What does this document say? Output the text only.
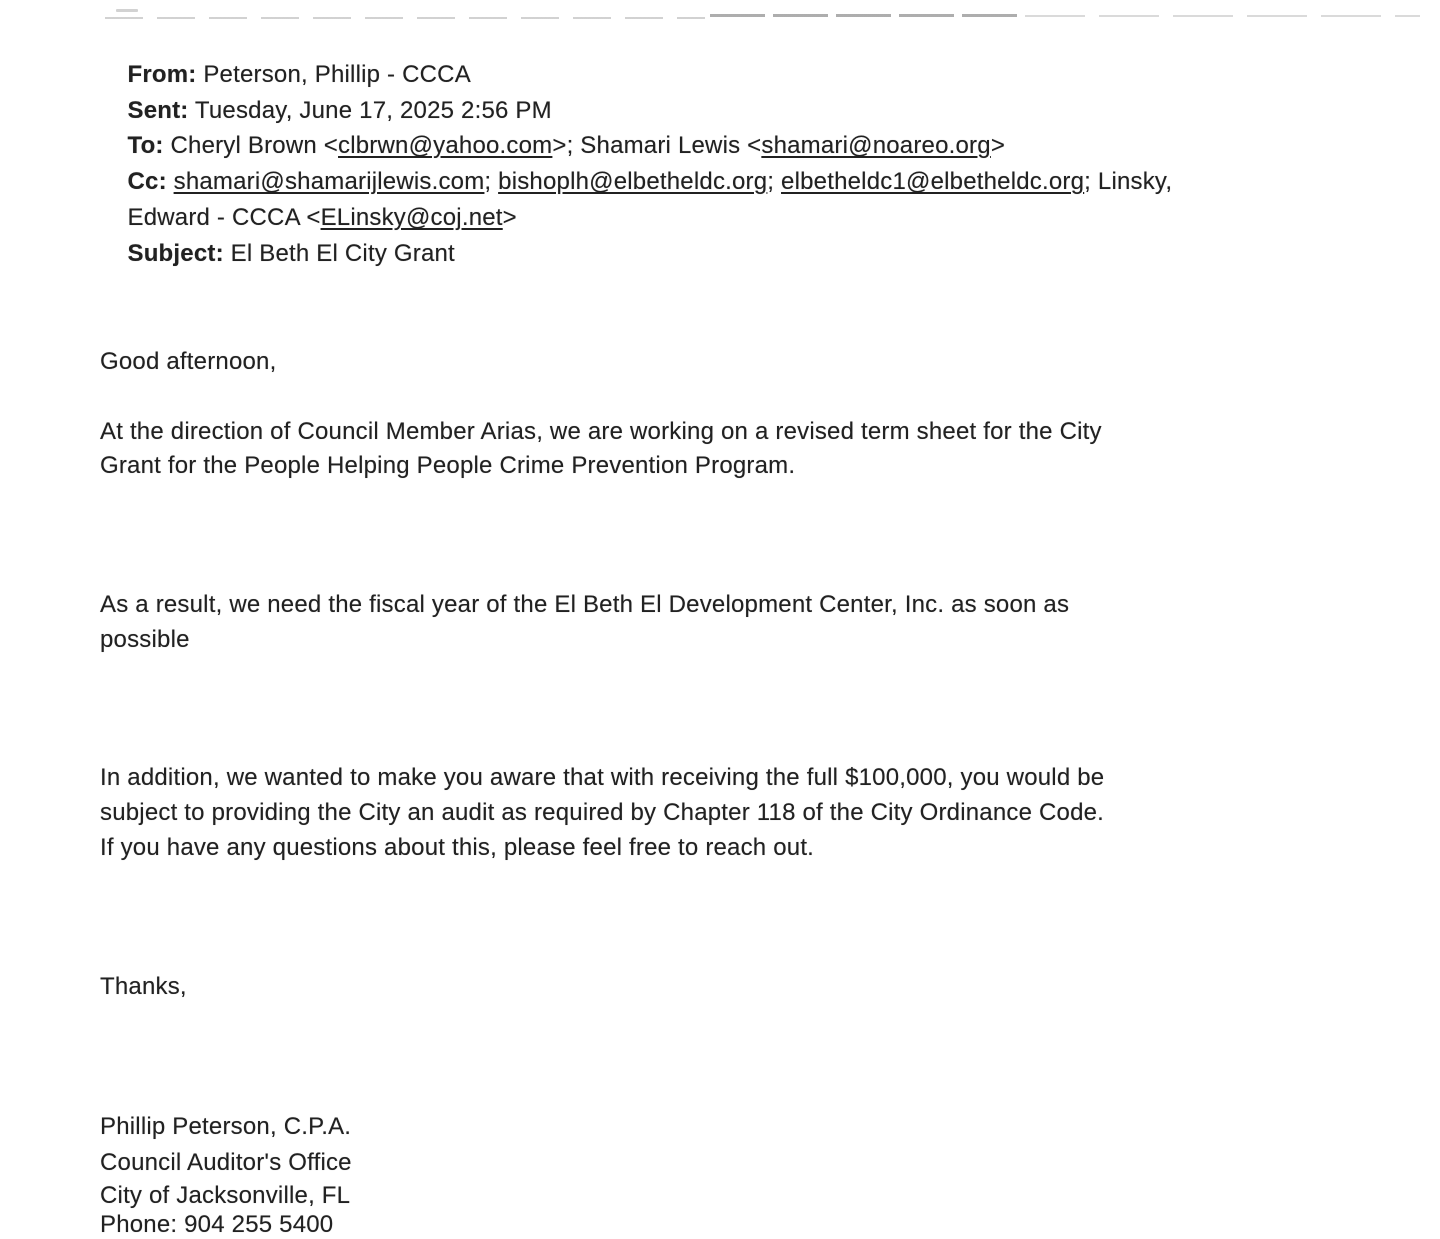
From: Peterson, Phillip - CCCA

Sent: Tuesday, June 17, 2025 2:56 PM

To: Cheryl Brown <clbrwn@yahoo.com>; Shamari Lewis <shamari@noareo.org>

Cc: shamari@shamarijlewis.com; bishoplh@elbetheldc.org; elbetheldc1@elbetheldc.org; Linsky,

Edward - CCCA <ELinsky@coj.net>

Subject: El Beth El City Grant

Good afternoon,
At the direction of Council Member Arias, we are working on a revised term sheet for the City
Grant for the People Helping People Crime Prevention Program.
As a result, we need the fiscal year of the El Beth El Development Center, Inc. as soon as
possible
In addition, we wanted to make you aware that with receiving the full $100,000, you would be
subject to providing the City an audit as required by Chapter 118 of the City Ordinance Code.
If you have any questions about this, please feel free to reach out.
Thanks,
Phillip Peterson, C.P.A.
Council Auditor's Office
City of Jacksonville, FL
Phone: 904 255 5400
